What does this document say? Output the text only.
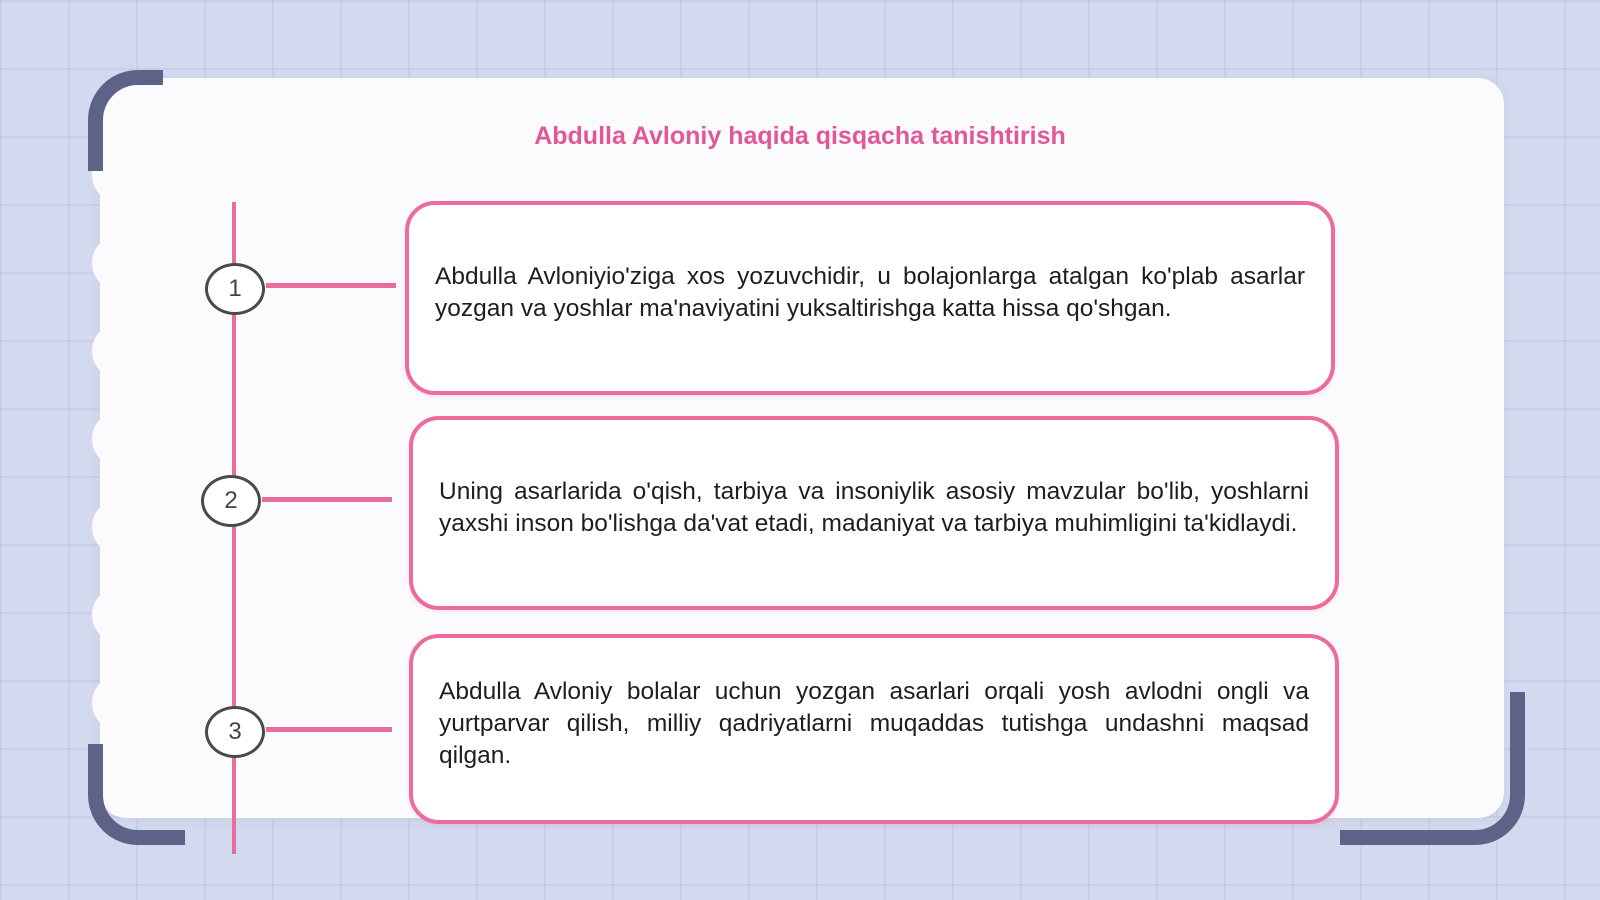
Abdulla Avloniy haqida qisqacha tanishtirish
1	Abdulla Avloniyio'ziga xos yozuvchidir, u bolajonlarga atalgan ko'plab asarlar yozgan va yoshlar ma'naviyatini yuksaltirishga katta hissa qo'shgan.

2	Uning asarlarida o'qish, tarbiya va insoniylik asosiy mavzular bo'lib, yoshlarni yaxshi inson bo'lishga da'vat etadi, madaniyat va tarbiya muhimligini ta'kidlaydi.

3

Abdulla Avloniy bolalar uchun yozgan asarlari orqali yosh avlodni ongli va yurtparvar qilish, milliy qadriyatlarni muqaddas tutishga undashni maqsad qilgan.
